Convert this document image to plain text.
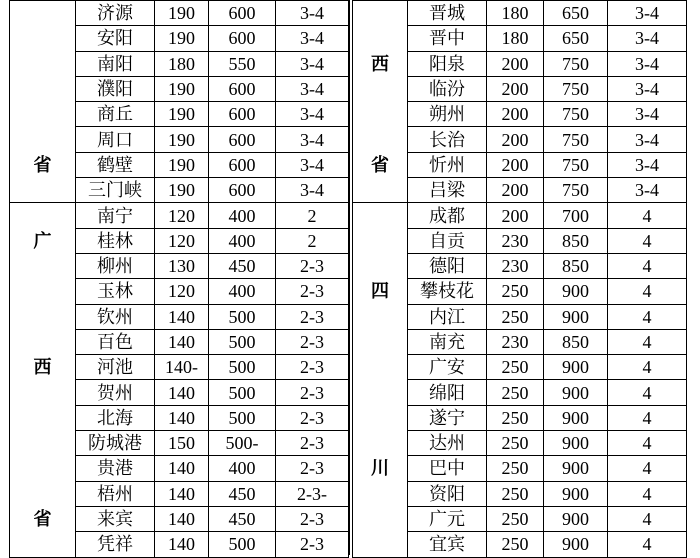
	济源	190	600	3-4
	安阳	190	600	3-4
	南阳	180	550	3-4
	濮阳	190	600	3-4
	商丘	190	600	3-4
	周口	190	600	3-4
省	鹤壁	190	600	3-4
	三门峡	190	600	3-4
	南宁	120	400	2
广	桂林	120	400	2
	柳州	130	450	2-3
	玉林	120	400	2-3
	钦州	140	500	2-3
	百色	140	500	2-3
西	河池	140-	500	2-3
	贺州	140	500	2-3
	北海	140	500	2-3
	防城港	150	500-	2-3
	贵港	140	400	2-3
	梧州	140	450	2-3-
省	来宾	140	450	2-3
	凭祥	140	500	2-3
	晋城	180	650	3-4
	晋中	180	650	3-4
西	阳泉	200	750	3-4
	临汾	200	750	3-4
	朔州	200	750	3-4
	长治	200	750	3-4
省	忻州	200	750	3-4
	吕梁	200	750	3-4
	成都	200	700	4
	自贡	230	850	4
	德阳	230	850	4
四	攀枝花	250	900	4
	内江	250	900	4
	南充	230	850	4
	广安	250	900	4
	绵阳	250	900	4
	遂宁	250	900	4
	达州	250	900	4
川	巴中	250	900	4
	资阳	250	900	4
	广元	250	900	4
	宜宾	250	900	4
